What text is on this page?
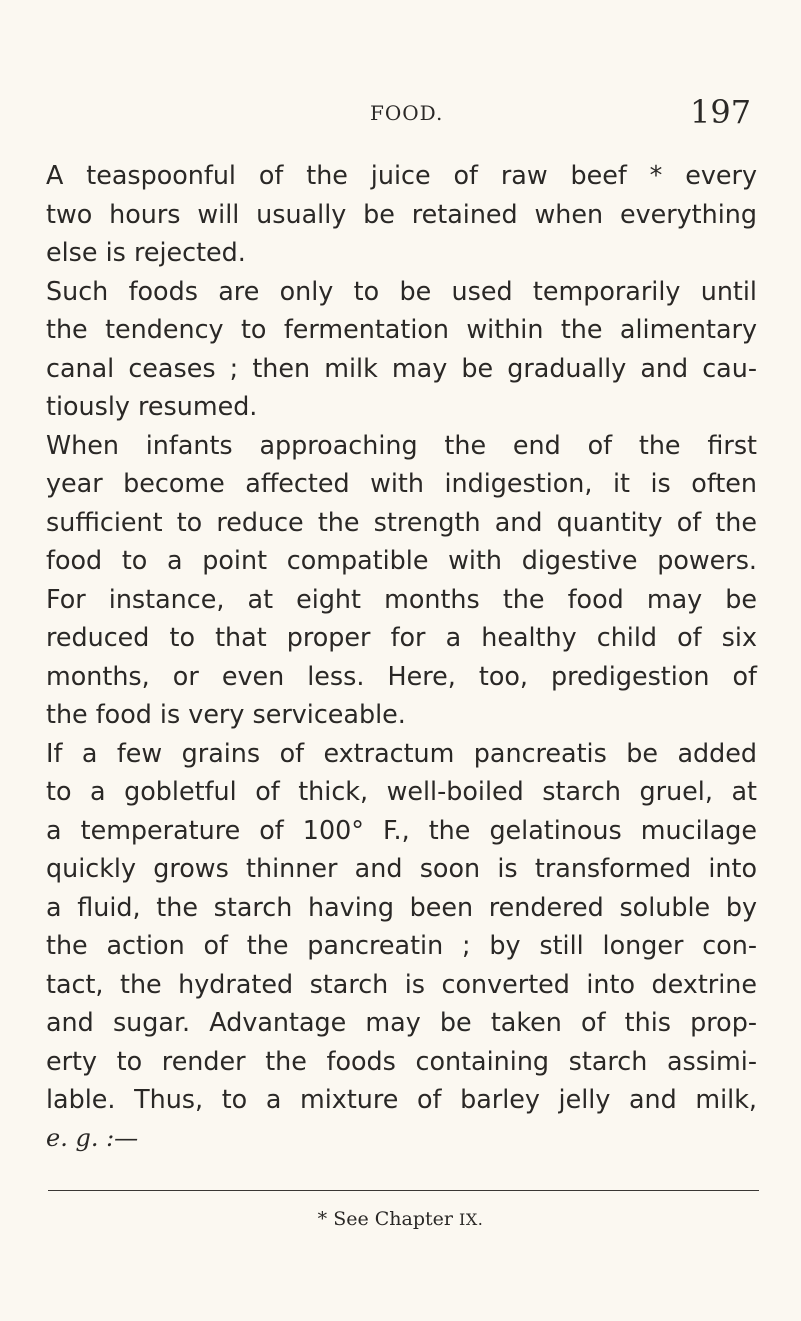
FOOD.	197
A teaspoonful of the juice of raw beef * every
two hours will usually be retained when everything
else is rejected.
Such foods are only to be used temporarily until
the tendency to fermentation within the alimentary
canal ceases ; then milk may be gradually and cau-
tiously resumed.
When infants approaching the end of the first
year become affected with indigestion, it is often
sufficient to reduce the strength and quantity of the
food to a point compatible with digestive powers.
For instance, at eight months the food may be
reduced to that proper for a healthy child of six
months, or even less. Here, too, predigestion of
the food is very serviceable.
If a few grains of extractum pancreatis be added
to a gobletful of thick, well-boiled starch gruel, at
a temperature of 100° F., the gelatinous mucilage
quickly grows thinner and soon is transformed into
a fluid, the starch having been rendered soluble by
the action of the pancreatin ; by still longer con-
tact, the hydrated starch is converted into dextrine
and sugar. Advantage may be taken of this prop-
erty to render the foods containing starch assimi-
lable. Thus, to a mixture of barley jelly and milk,
e. g. :—
* See Chapter IX.
